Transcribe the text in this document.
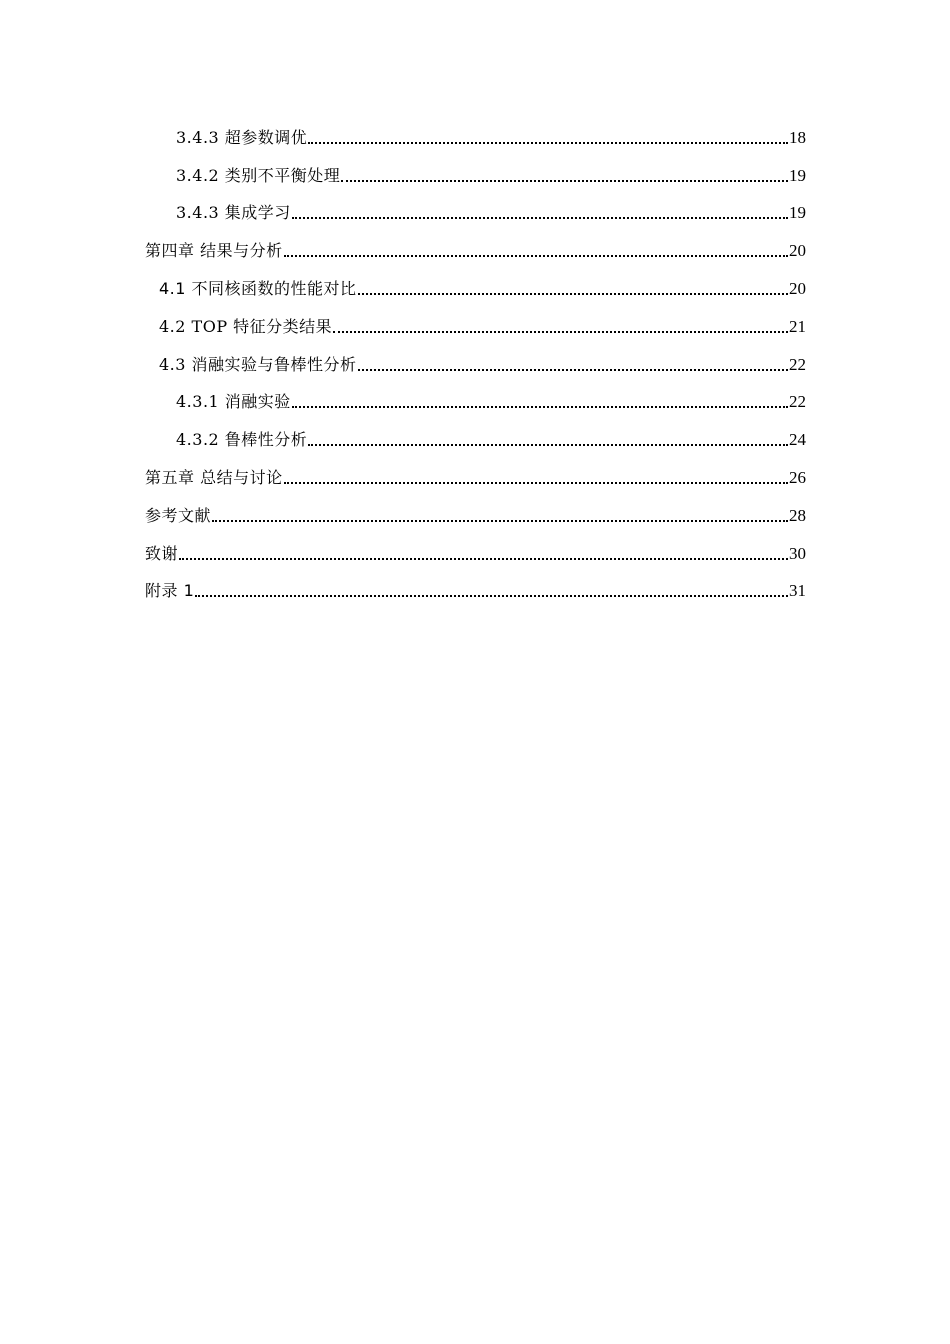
3.4.3 超参数调优	18
3.4.2 类别不平衡处理	19
3.4.3 集成学习	19
第四章 结果与分析	20
4.1 不同核函数的性能对比	20
4.2 TOP 特征分类结果	21
4.3 消融实验与鲁棒性分析	22
4.3.1 消融实验	22
4.3.2 鲁棒性分析	24
第五章 总结与讨论	26
参考文献	28
致谢	30
附录 1	31
